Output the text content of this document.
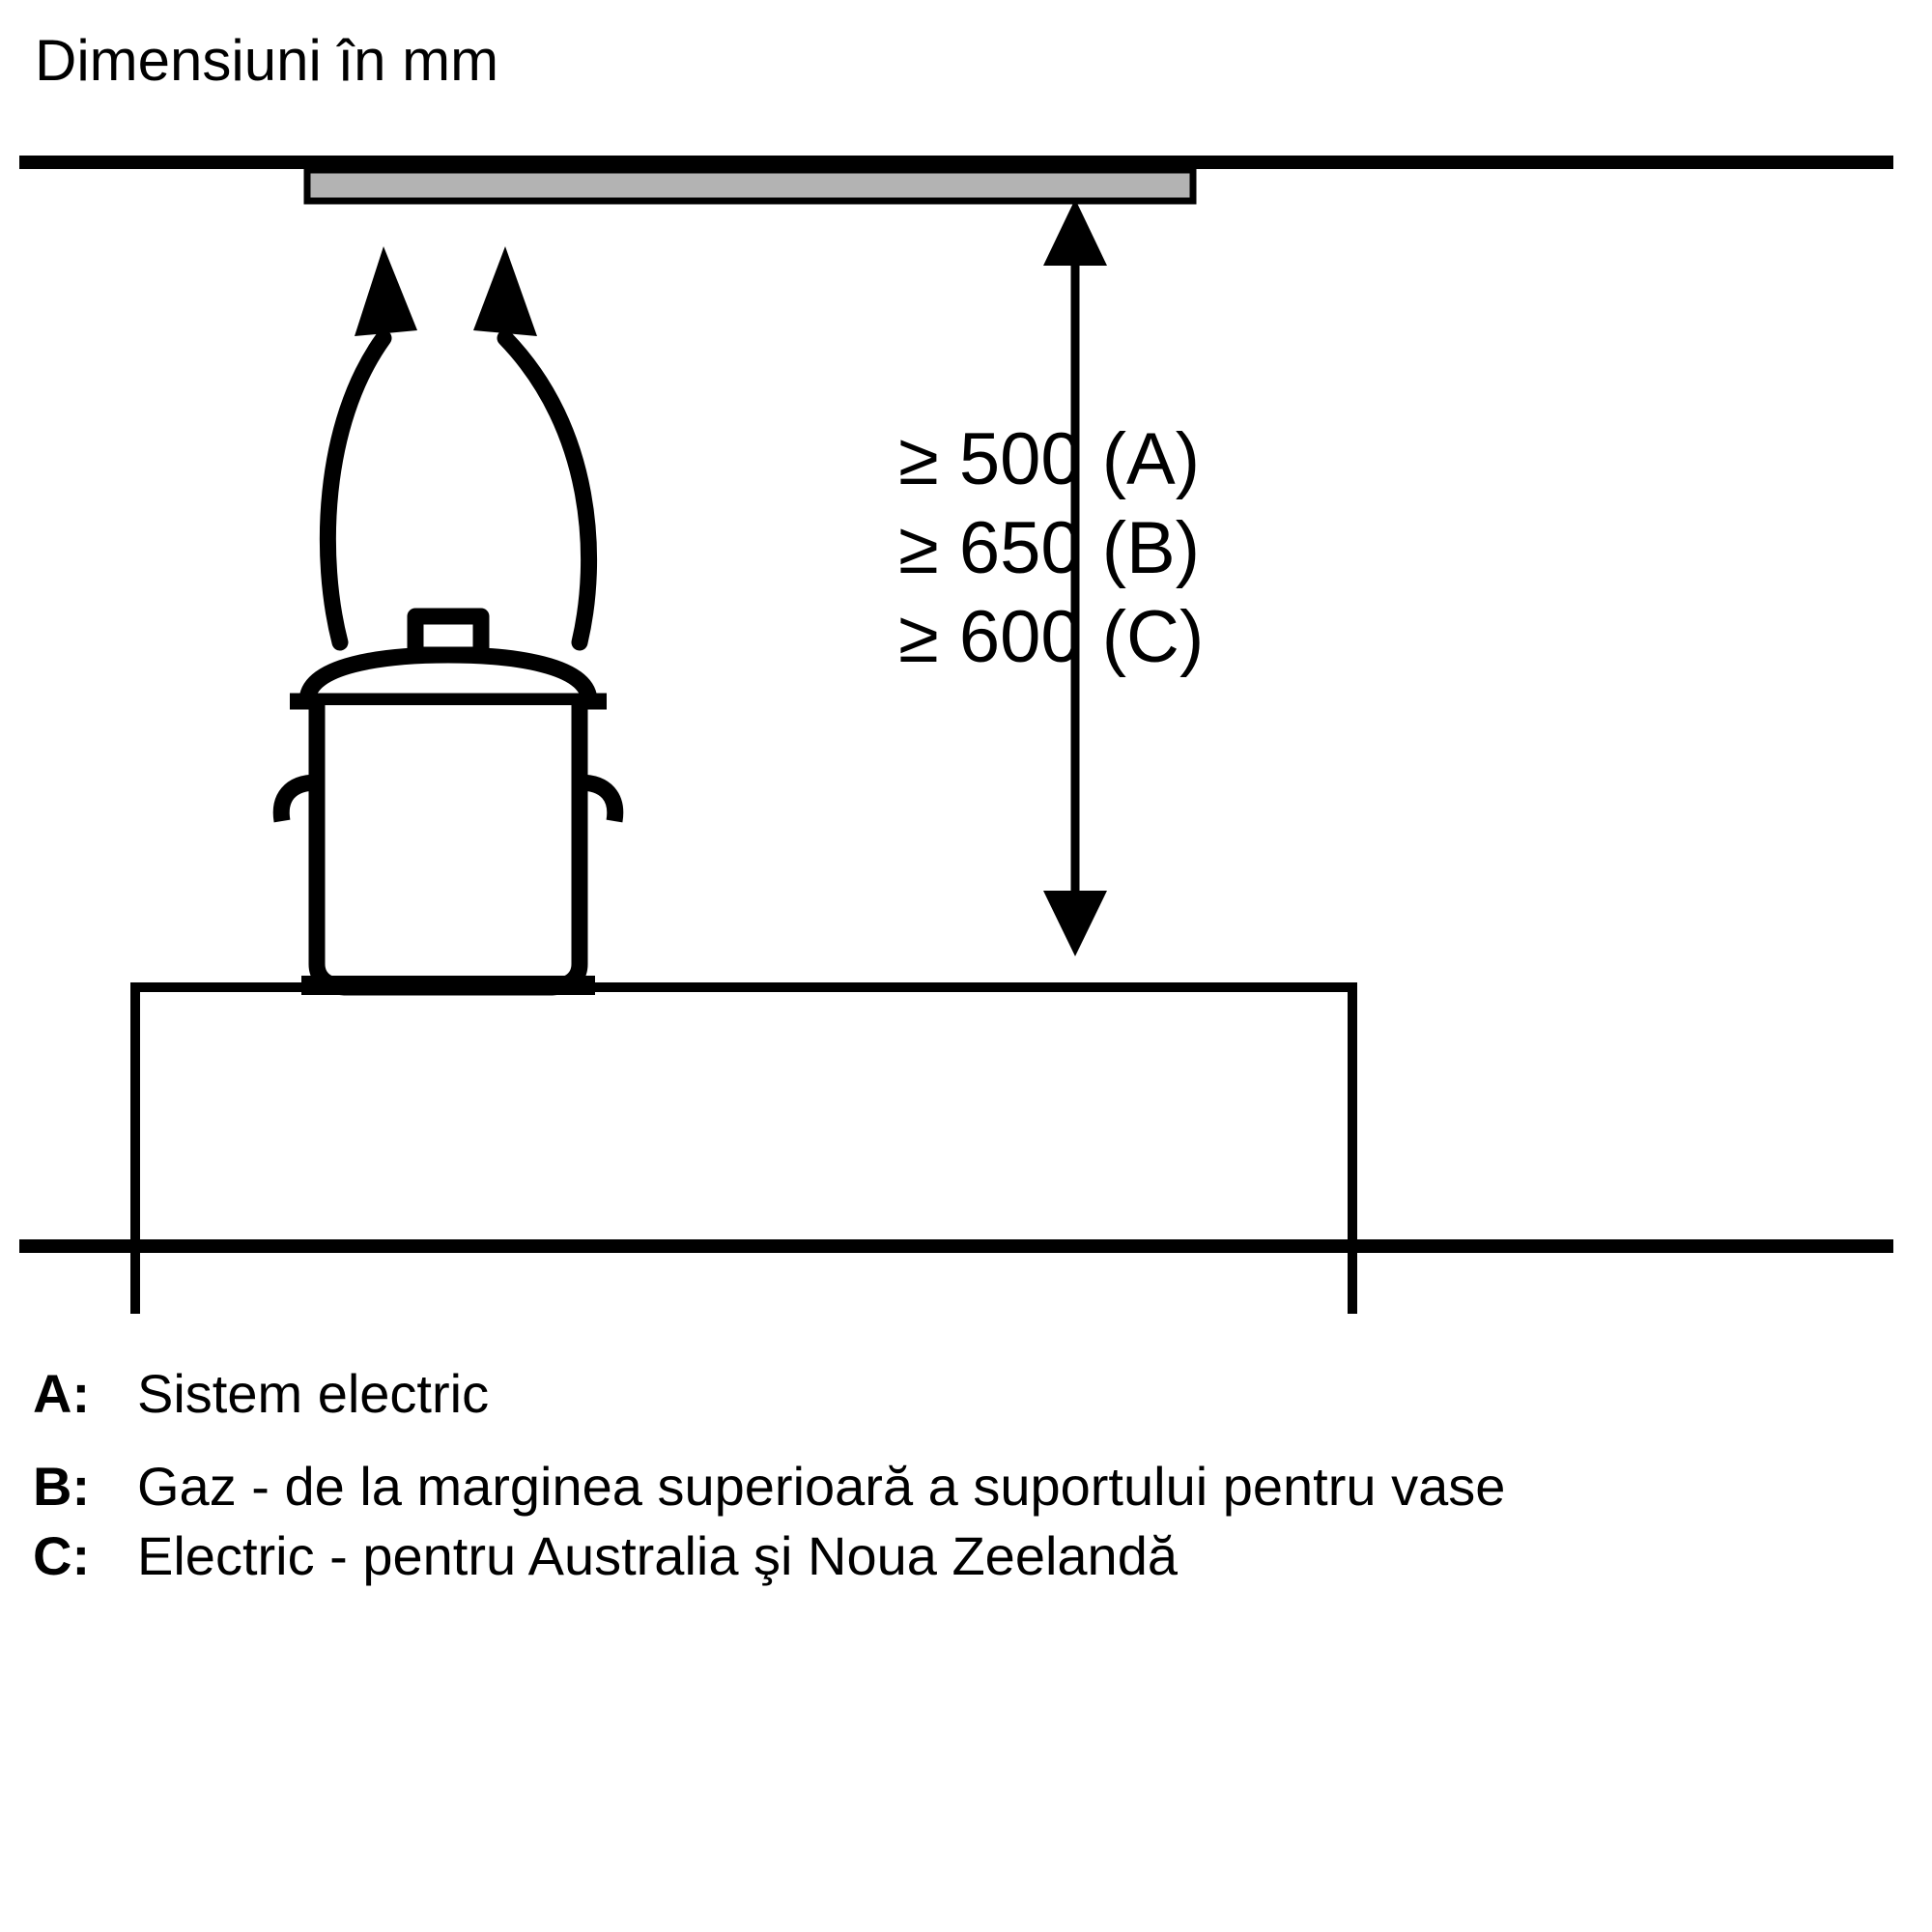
Dimensiuni în mm
≥ 500 (A)
≥ 650 (B)
≥ 600 (C)
A: Sistem electric
B: Gaz - de la marginea superioară a suportului pentru vase
C: Electric - pentru Australia şi Noua Zeelandă
